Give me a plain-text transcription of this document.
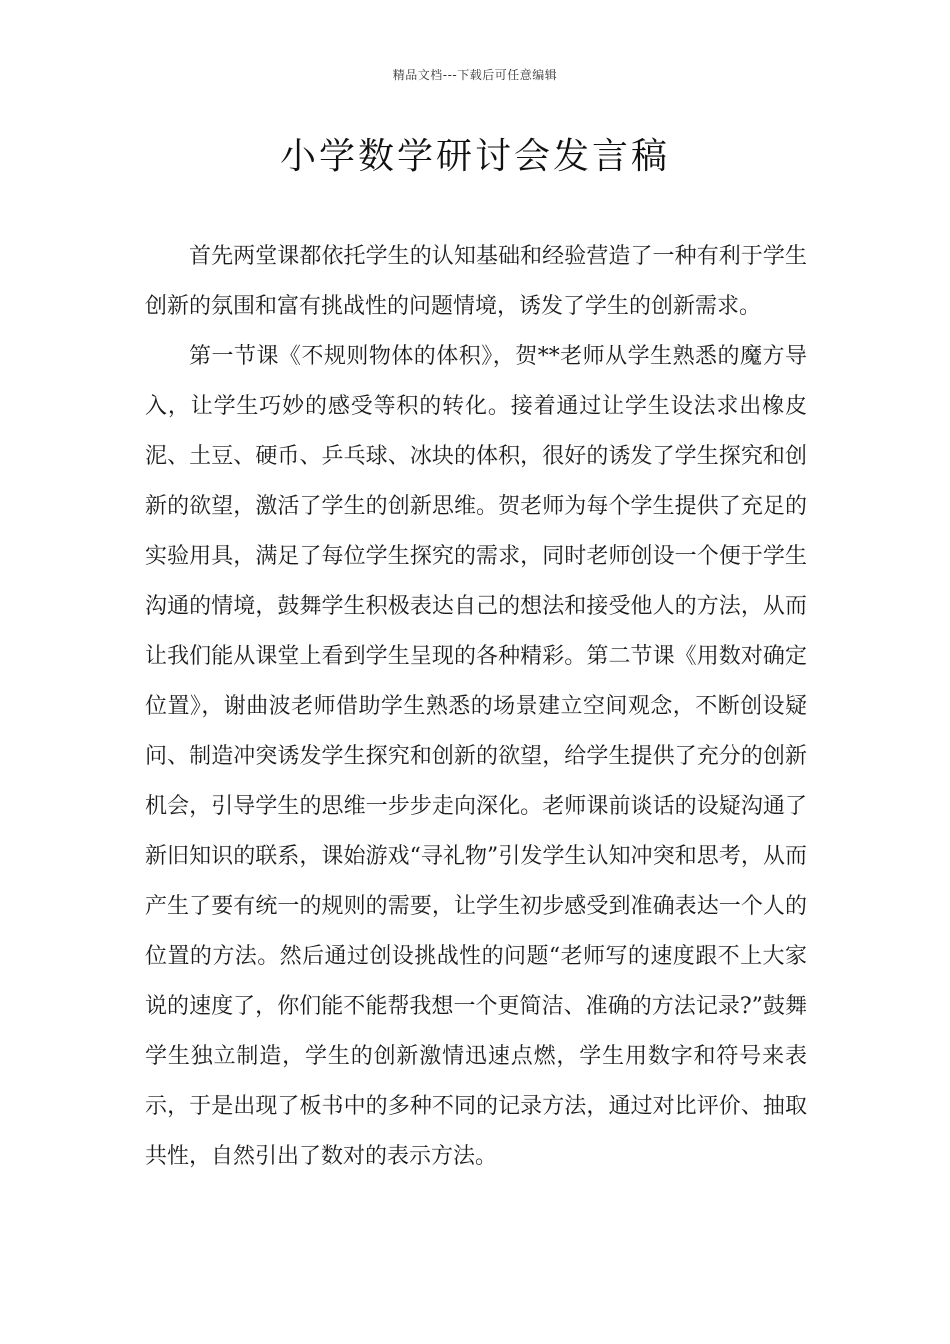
精品文档---下载后可任意编辑
小学数学研讨会发言稿

首先两堂课都依托学生的认知基础和经验营造了一种有利于学生创新的氛围和富有挑战性的问题情境，诱发了学生的创新需求。

第一节课《不规则物体的体积》，贺**老师从学生熟悉的魔方导入，让学生巧妙的感受等积的转化。接着通过让学生设法求出橡皮泥、土豆、硬币、乒乓球、冰块的体积，很好的诱发了学生探究和创新的欲望，激活了学生的创新思维。贺老师为每个学生提供了充足的实验用具，满足了每位学生探究的需求，同时老师创设一个便于学生沟通的情境，鼓舞学生积极表达自己的想法和接受他人的方法，从而让我们能从课堂上看到学生呈现的各种精彩。第二节课《用数对确定位置》，谢曲波老师借助学生熟悉的场景建立空间观念，不断创设疑问、制造冲突诱发学生探究和创新的欲望，给学生提供了充分的创新机会，引导学生的思维一步步走向深化。老师课前谈话的设疑沟通了新旧知识的联系，课始游戏“寻礼物”引发学生认知冲突和思考，从而产生了要有统一的规则的需要，让学生初步感受到准确表达一个人的位置的方法。然后通过创设挑战性的问题“老师写的速度跟不上大家说的速度了，你们能不能帮我想一个更简洁、准确的方法记录?”鼓舞学生独立制造，学生的创新激情迅速点燃，学生用数字和符号来表示，于是出现了板书中的多种不同的记录方法，通过对比评价、抽取共性，自然引出了数对的表示方法。
